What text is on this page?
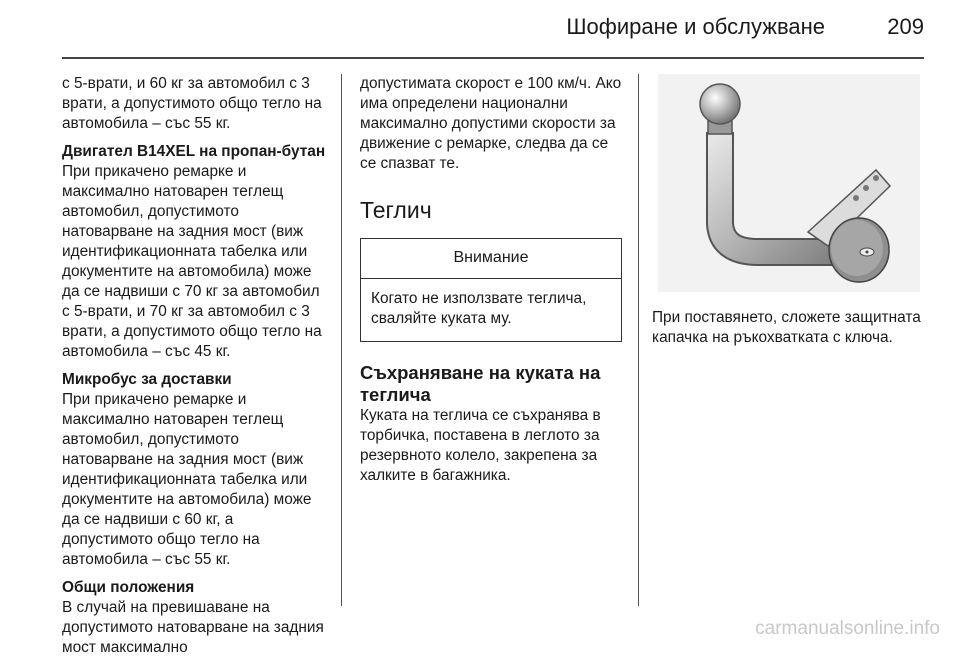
Шофиране и обслужване	209

с 5-врати, и 60 кг за автомобил с 3 врати, а допустимото общо тегло на автомобила – със 55 кг.

Двигател B14XEL на пропан-бутан

При прикачено ремарке и максимално натоварен теглещ автомобил, допустимото натоварване на задния мост (виж идентификационната табелка или документите на автомобила) може да се надвиши с 70 кг за автомобил с 5-врати, и 70 кг за автомобил с 3 врати, а допустимото общо тегло на автомобила – със 45 кг.

Микробус за доставки

При прикачено ремарке и максимално натоварен теглещ автомобил, допустимото натоварване на задния мост (виж идентификационната табелка или документите на автомобила) може да се надвиши с 60 кг, а допустимото общо тегло на автомобила – със 55 кг.

Общи положения

В случай на превишаване на допустимото натоварване на задния мост максимално

допустимата скорост е 100 км/ч. Ако има определени национални максимално допустими скорости за движение с ремарке, следва да се се спазват те.

Теглич
Внимание
Когато не използвате теглича, сваляйте куката му.
Съхраняване на куката на теглича

Куката на теглича се съхранява в торбичка, поставена в леглото за резервното колело, закрепена за халките в багажника.

При поставянето, сложете защитната капачка на ръкохватката с ключа.

carmanualsonline.info
